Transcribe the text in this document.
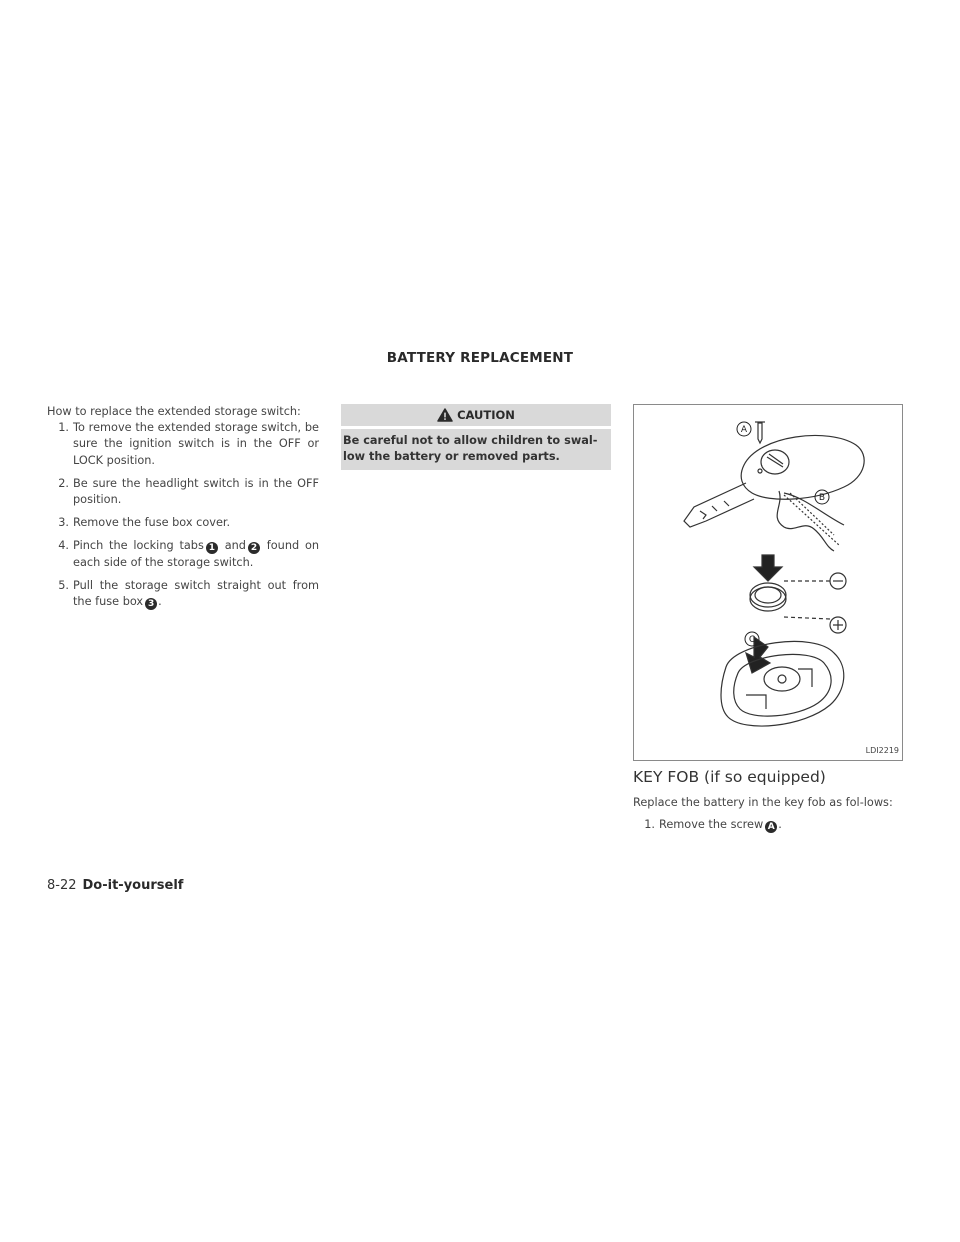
BATTERY REPLACEMENT

How to replace the extended storage switch:

1. To remove the extended storage switch, be sure the ignition switch is in the OFF or LOCK position.
2. Be sure the headlight switch is in the OFF position.
3. Remove the fuse box cover.
4. Pinch the locking tabs 1 and 2 found on each side of the storage switch.
5. Pull the storage switch straight out from the fuse box 3 .
CAUTION
Be careful not to allow children to swal-low the battery or removed parts.
A
B
C
LDI2219
KEY FOB (if so equipped)

Replace the battery in the key fob as fol-lows:

1. Remove the screw A .
8-22 Do-it-yourself
